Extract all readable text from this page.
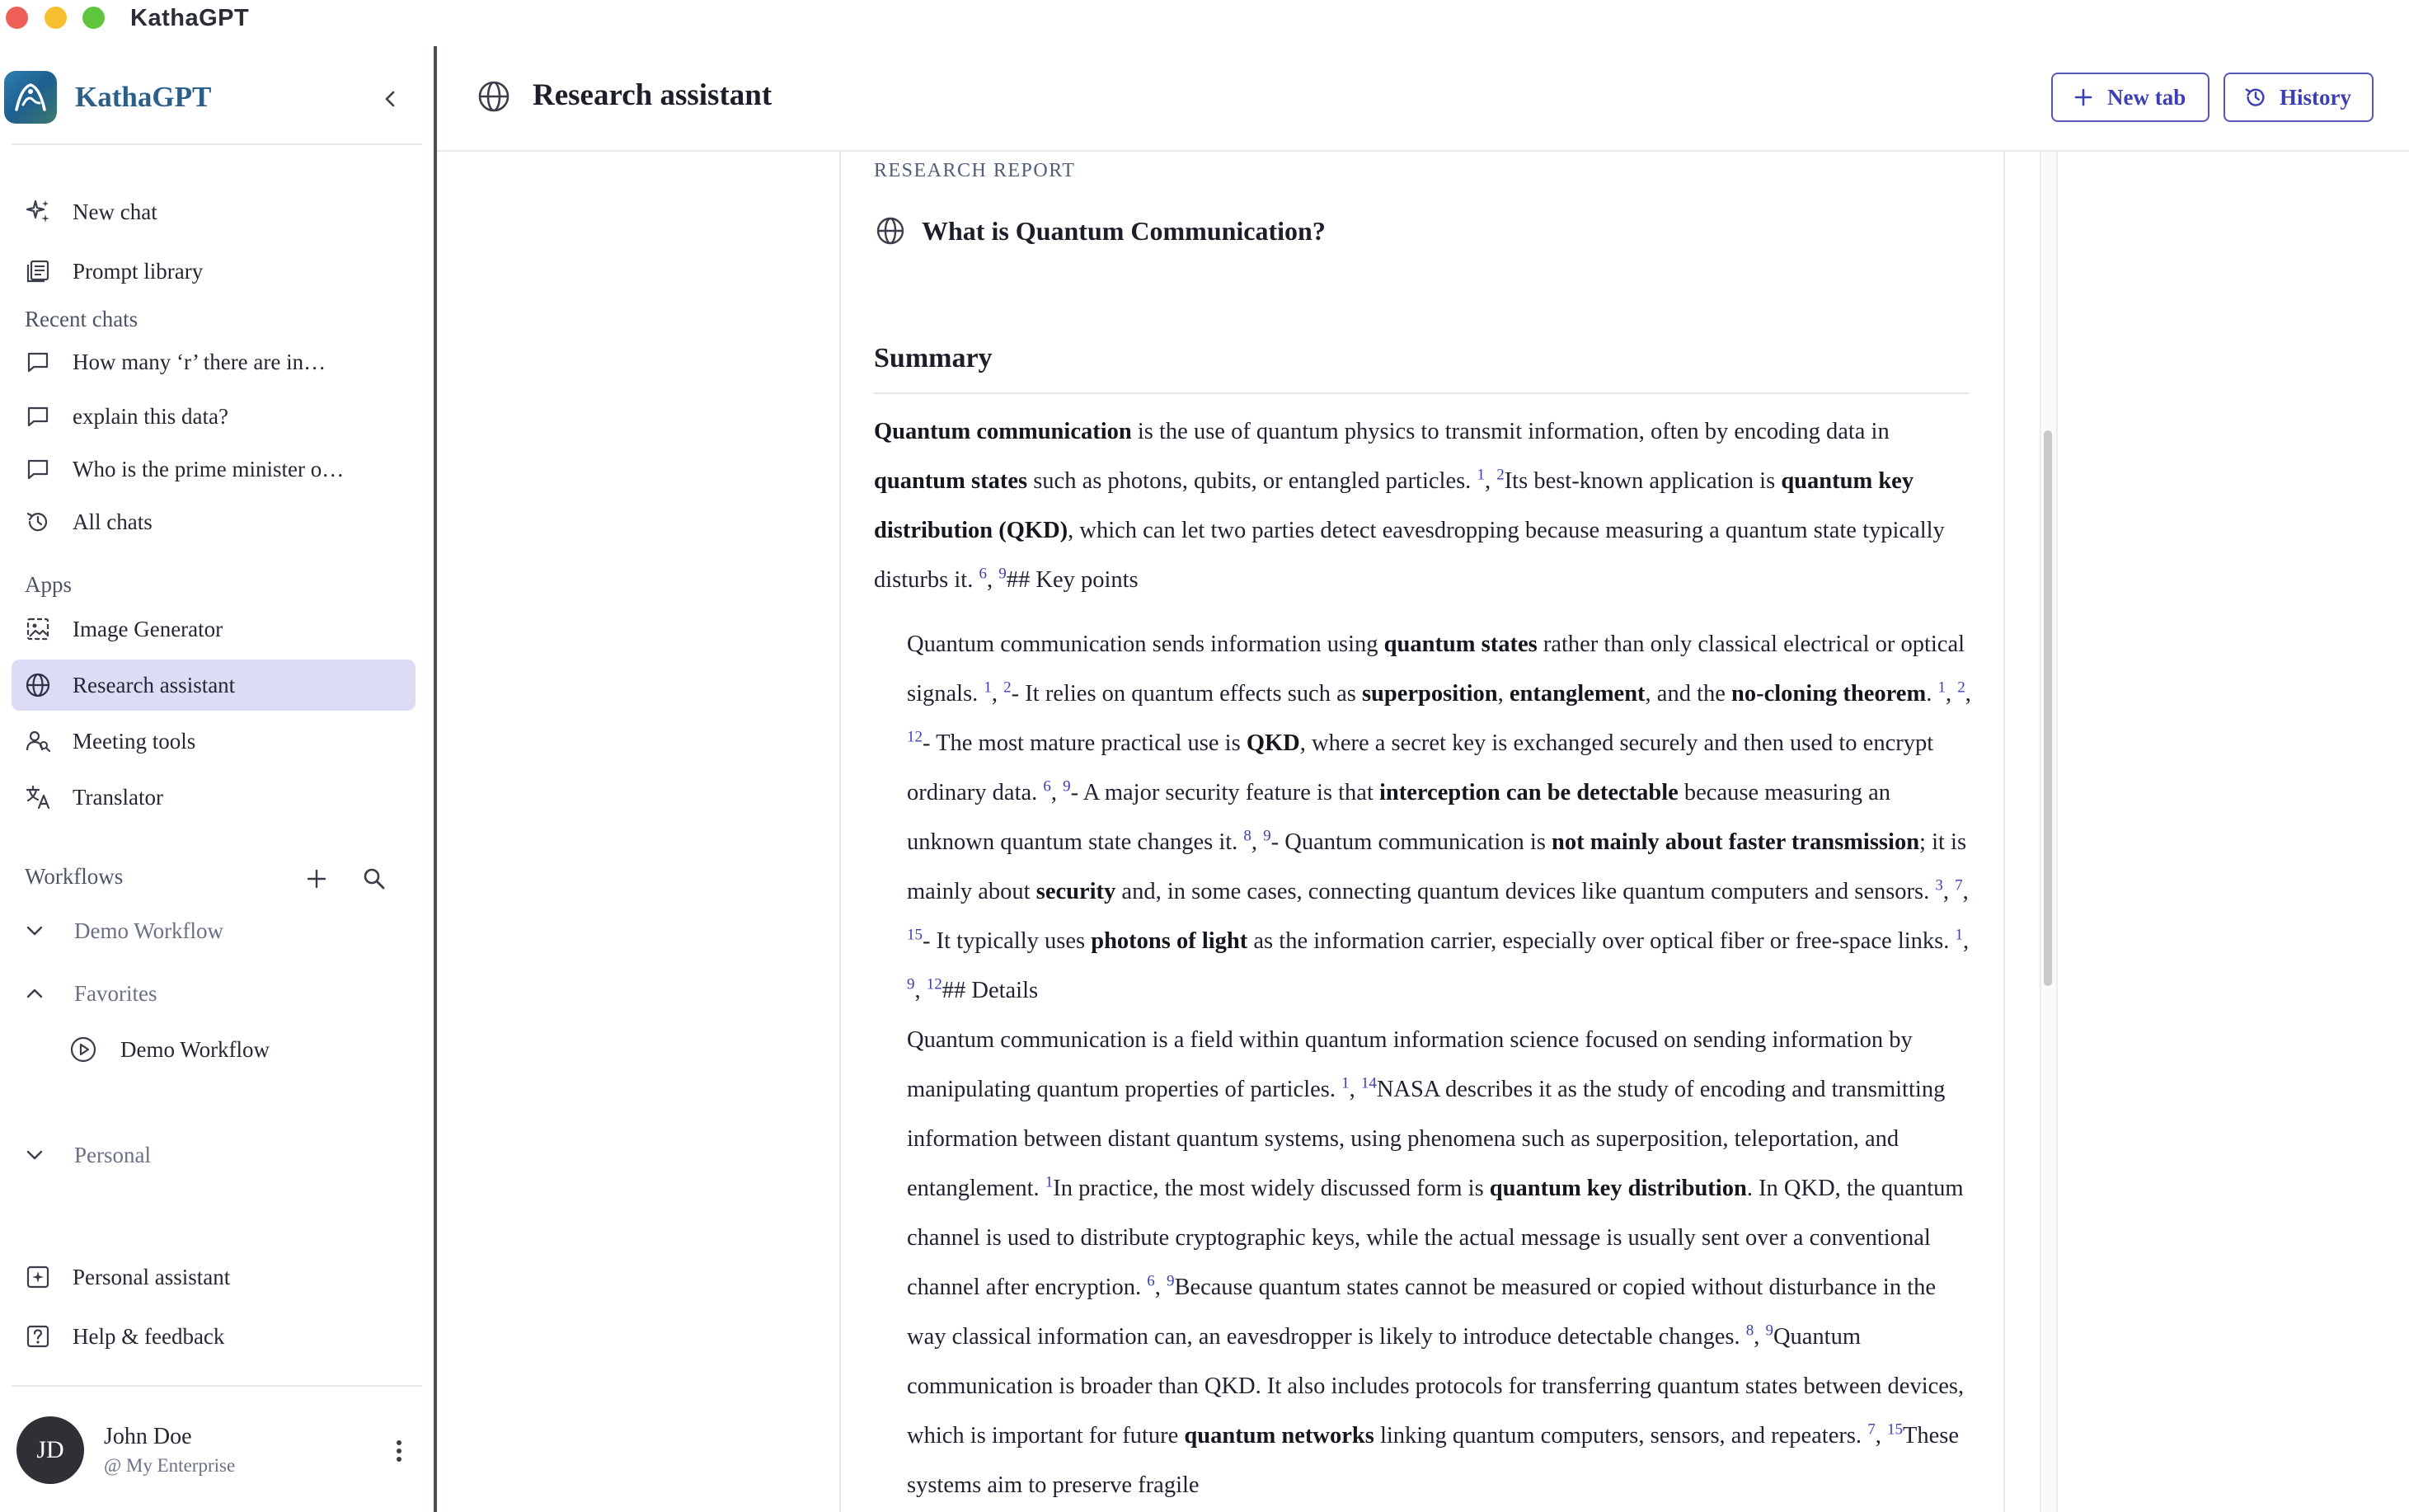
KathaGPT
KathaGPT
New chat
Prompt library
Recent chats
How many ‘r’ there are in…
explain this data?
Who is the prime minister o…
All chats
Apps
Image Generator
Research assistant
Meeting tools
Translator
Workflows
Demo Workflow
Favorites
Demo Workflow
Personal
Personal assistant
Help & feedback
JD	John Doe
@ My Enterprise
Research assistant	New tab	History
RESEARCH REPORT
What is Quantum Communication?
Summary

Quantum communication is the use of quantum physics to transmit information, often by encoding data in quantum states such as photons, qubits, or entangled particles. $^1$, $^2$Its best-known application is quantum key distribution (QKD), which can let two parties detect eavesdropping because measuring a quantum state typically disturbs it. $^6$, $^9$## Key points

Quantum communication sends information using quantum states rather than only classical electrical or optical signals. $^1$, $^2$- It relies on quantum effects such as superposition, entanglement, and the no-cloning theorem. $^1$, $^2$, $^{12}$- The most mature practical use is QKD, where a secret key is exchanged securely and then used to encrypt ordinary data. $^6$, $^9$- A major security feature is that interception can be detectable because measuring an unknown quantum state changes it. $^8$, $^9$- Quantum communication is not mainly about faster transmission; it is mainly about security and, in some cases, connecting quantum devices like quantum computers and sensors. $^3$, $^7$, $^{15}$- It typically uses photons of light as the information carrier, especially over optical fiber or free-space links. $^1$, $^9$, $^{12}$## Details

Quantum communication is a field within quantum information science focused on sending information by manipulating quantum properties of particles. $^1$, $^{14}$NASA describes it as the study of encoding and transmitting information between distant quantum systems, using phenomena such as superposition, teleportation, and entanglement. $^1$In practice, the most widely discussed form is quantum key distribution. In QKD, the quantum channel is used to distribute cryptographic keys, while the actual message is usually sent over a conventional channel after encryption. $^6$, $^9$Because quantum states cannot be measured or copied without disturbance in the way classical information can, an eavesdropper is likely to introduce detectable changes. $^8$, $^9$Quantum communication is broader than QKD. It also includes protocols for transferring quantum states between devices, which is important for future quantum networks linking quantum computers, sensors, and repeaters. $^7$, $^{15}$These systems aim to preserve fragile
